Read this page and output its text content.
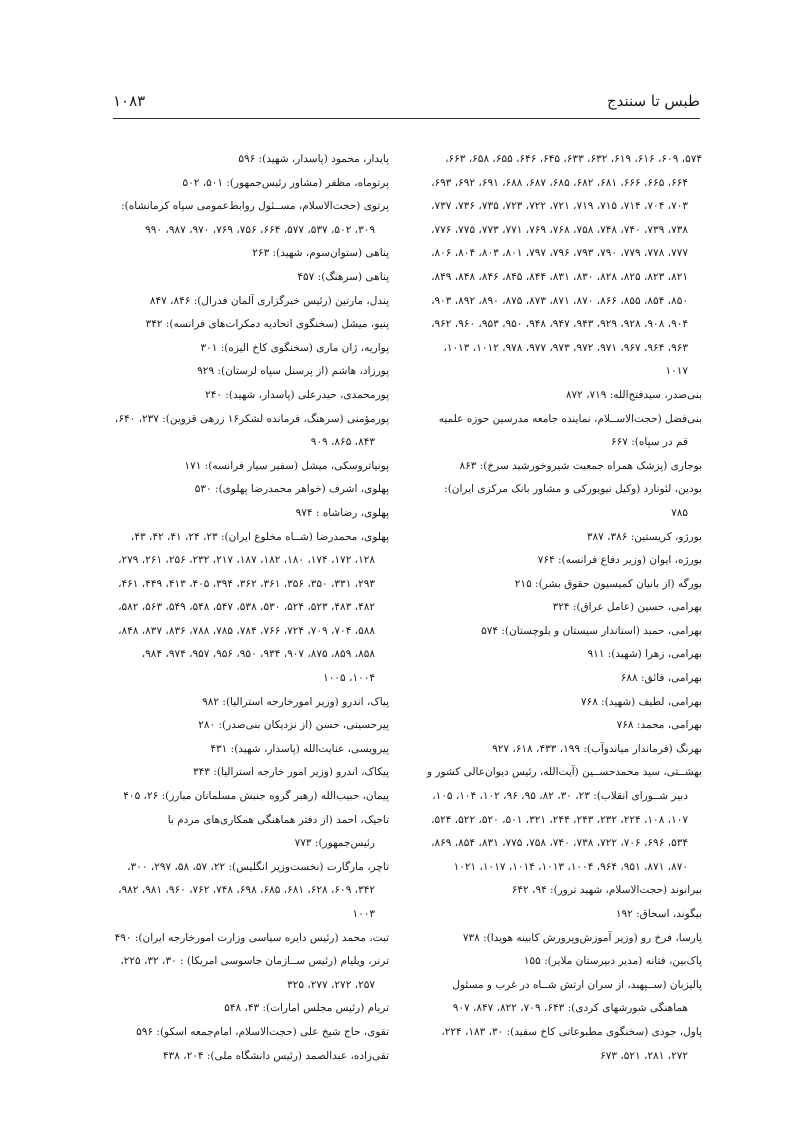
طبس تا سنندج
۱۰۸۳
۵۷۴، ۶۰۹، ۶۱۶، ۶۱۹، ۶۳۲، ۶۳۳، ۶۴۵، ۶۴۶، ۶۵۵، ۶۵۸، ۶۶۳، ۶۶۴، ۶۶۵، ۶۶۶، ۶۸۱، ۶۸۲، ۶۸۵، ۶۸۷، ۶۸۸، ۶۹۱، ۶۹۲، ۶۹۳، ۷۰۳، ۷۰۴، ۷۱۴، ۷۱۵، ۷۱۹، ۷۲۱، ۷۲۲، ۷۲۳، ۷۳۵، ۷۳۶، ۷۳۷، ۷۳۸، ۷۳۹، ۷۴۰، ۷۴۸، ۷۵۸، ۷۶۸، ۷۶۹، ۷۷۱، ۷۷۳، ۷۷۵، ۷۷۶، ۷۷۷، ۷۷۸، ۷۷۹، ۷۹۰، ۷۹۳، ۷۹۶، ۷۹۷، ۸۰۱، ۸۰۳، ۸۰۴، ۸۰۶، ۸۲۱، ۸۲۳، ۸۲۵، ۸۲۸، ۸۳۰، ۸۳۱، ۸۴۴، ۸۴۵، ۸۴۶، ۸۴۸، ۸۴۹، ۸۵۰، ۸۵۴، ۸۵۵، ۸۶۶، ۸۷۰، ۸۷۱، ۸۷۳، ۸۷۵، ۸۹۰، ۸۹۲، ۹۰۳، ۹۰۴، ۹۰۸، ۹۲۸، ۹۲۹، ۹۴۳، ۹۴۷، ۹۴۸، ۹۵۰، ۹۵۳، ۹۶۰، ۹۶۲، ۹۶۳، ۹۶۴، ۹۶۷، ۹۷۱، ۹۷۲، ۹۷۳، ۹۷۷، ۹۷۸، ۱۰۱۲، ۱۰۱۳، ۱۰۱۷
بنی‌صدر، سیدفتح‌الله: ۷۱۹، ۸۷۲
بنی‌فضل (حجت‌الاســلام، نماینده جامعه مدرسین حوزه علمیه قم در سپاه): ۶۶۷
بوجاری (پزشک همراه جمعیت شیروخورشید سرخ): ۸۶۳
بودین، لئونارد (وکیل نیویورکی و مشاور بانک مرکزی ایران): ۷۸۵
بورژو، کریستین: ۳۸۶، ۳۸۷
بورژه، ایوان (وزیر دفاع فرانسه): ۷۶۴
بورگه (از بانیان کمیسیون حقوق بشر): ۲۱۵
بهرامی، حسین (عامل عراق): ۳۲۴
بهرامی، حمید (استاندار سیستان و بلوچستان): ۵۷۴
بهرامی، زهرا (شهید): ۹۱۱
بهرامی، فائق: ۶۸۸
بهرامی، لطیف (شهید): ۷۶۸
بهرامی، محمد: ۷۶۸
بهرنگ (فرماندار میاندوآب): ۱۹۹، ۴۳۳، ۶۱۸، ۹۲۷
بهشــتی، سید محمدحســین (آیت‌الله، رئیس دیوان‌عالی کشور و دبیر شــورای انقلاب): ۲۳، ۳۰، ۸۲، ۹۵، ۹۶، ۱۰۲، ۱۰۴، ۱۰۵، ۱۰۷، ۱۰۸، ۲۲۴، ۲۳۲، ۲۴۳، ۲۴۴، ۳۲۱، ۵۰۱، ۵۲۰، ۵۲۲، ۵۲۴، ۵۳۴، ۶۹۶، ۷۰۶، ۷۲۲، ۷۳۸، ۷۴۰، ۷۵۸، ۷۷۵، ۸۳۱، ۸۵۴، ۸۶۹، ۸۷۰، ۸۷۱، ۹۵۱، ۹۶۴، ۱۰۰۴، ۱۰۱۳، ۱۰۱۴، ۱۰۱۷، ۱۰۲۱
بیرانوند (حجت‌الاسلام، شهید ترور): ۹۴، ۶۴۲
بیگوند، اسحاق: ۱۹۲
پارسا، فرخ رو (وزیر آموزش‌وپرورش کابینه هویدا): ۷۳۸
پاک‌بین، فتانه (مدیر دبیرستان ملایر): ۱۵۵
پالیزبان (ســپهبد، از سران ارتش شــاه در غرب و مسئول هماهنگی شورشهای کردی): ۶۴۳، ۷۰۹، ۸۲۲، ۸۴۷، ۹۰۷
پاول، جودی (سخنگوی مطبوعاتی کاخ سفید): ۳۰، ۱۸۳، ۲۲۴، ۲۷۲، ۲۸۱، ۵۲۱، ۶۷۳
پایدار، محمود (پاسدار، شهید): ۵۹۶
پرتوماه، مظفر (مشاور رئیس‌جمهور): ۵۰۱، ۵۰۲
پرتوی (حجت‌الاسلام، مســئول روابط‌عمومی سپاه کرمانشاه): ۳۰۹، ۵۰۲، ۵۳۷، ۵۷۷، ۶۶۴، ۷۵۶، ۷۶۹، ۹۷۰، ۹۸۷، ۹۹۰
پناهی (ستوان‌سوم، شهید): ۲۶۳
پناهی (سرهنگ): ۴۵۷
پندل، مارتین (رئیس خبرگزاری آلمان فدرال): ۸۴۶، ۸۴۷
پنیو، میشل (سخنگوی اتحادیه دمکرات‌های فرانسه): ۳۴۲
پواریه، ژان ماری (سخنگوی کاخ الیزه): ۳۰۱
پورزاد، هاشم (از پرسنل سپاه لرستان): ۹۲۹
پورمحمدی، حیدرعلی (پاسدار، شهید): ۲۴۰
پورمؤمنی (سرهنگ، فرمانده لشکر۱۶ زرهی قزوین): ۲۳۷، ۶۴۰، ۸۴۳، ۸۶۵، ۹۰۹
پونیاتروسکی، میشل (سفیر سیار فرانسه): ۱۷۱
پهلوی، اشرف (خواهر محمدرضا پهلوی): ۵۳۰
پهلوی، رضاشاه : ۹۷۴
پهلوی، محمدرضا (شــاه مخلوع ایران): ۲۳، ۲۴، ۴۱، ۴۲، ۴۳، ۱۲۸، ۱۷۲، ۱۷۴، ۱۸۰، ۱۸۲، ۱۸۷، ۲۱۷، ۲۳۲، ۲۵۶، ۲۶۱، ۲۷۹، ۲۹۳، ۳۳۱، ۳۵۰، ۳۵۶، ۳۶۱، ۳۶۲، ۳۹۴، ۴۰۵، ۴۱۳، ۴۴۹، ۴۶۱، ۴۸۲، ۴۸۳، ۵۲۳، ۵۲۴، ۵۳۰، ۵۳۸، ۵۴۷، ۵۴۸، ۵۴۹، ۵۶۳، ۵۸۲، ۵۸۸، ۷۰۴، ۷۰۹، ۷۲۴، ۷۶۶، ۷۸۴، ۷۸۵، ۷۸۸، ۸۳۶، ۸۳۷، ۸۴۸، ۸۵۸، ۸۵۹، ۸۷۵، ۹۰۷، ۹۳۴، ۹۵۰، ۹۵۶، ۹۵۷، ۹۷۴، ۹۸۴، ۱۰۰۴، ۱۰۰۵
پیاک، اندرو (وزیر امورخارجه استرالیا): ۹۸۲
پیرحسینی، حسن (از نزدیکان بنی‌صدر): ۲۸۰
پیرویسی، عنایت‌الله (پاسدار، شهید): ۴۳۱
پیکاک، اندرو (وزیر امور خارجه استرالیا): ۳۴۳
پیمان، حبیب‌الله (رهبر گروه جنبش مسلمانان مبارز): ۲۶، ۴۰۵
تاجیک، احمد (از دفتر هماهنگی همکاری‌های مردم با رئیس‌جمهور): ۷۷۳
تاچر، مارگارت (نخست‌وزیر انگلیس): ۲۲، ۵۷، ۵۸، ۲۹۷، ۳۰۰، ۳۴۲، ۶۰۹، ۶۲۸، ۶۸۱، ۶۸۵، ۶۹۸، ۷۴۸، ۷۶۲، ۹۶۰، ۹۸۱، ۹۸۲، ۱۰۰۳
تبت، محمد (رئیس دایره سیاسی وزارت امورخارجه ایران): ۴۹۰
ترنر، ویلیام (رئیس ســازمان جاسوسی امریکا) : ۳۰، ۳۲، ۲۲۵، ۲۵۷، ۲۷۲، ۲۷۷، ۳۲۵
تریام (رئیس مجلس امارات): ۴۳، ۵۴۸
تقوی، حاج شیخ علی (حجت‌الاسلام، امام‌جمعه اسکو): ۵۹۶
تقی‌زاده، عبدالصمد (رئیس دانشگاه ملی): ۲۰۴، ۴۳۸
